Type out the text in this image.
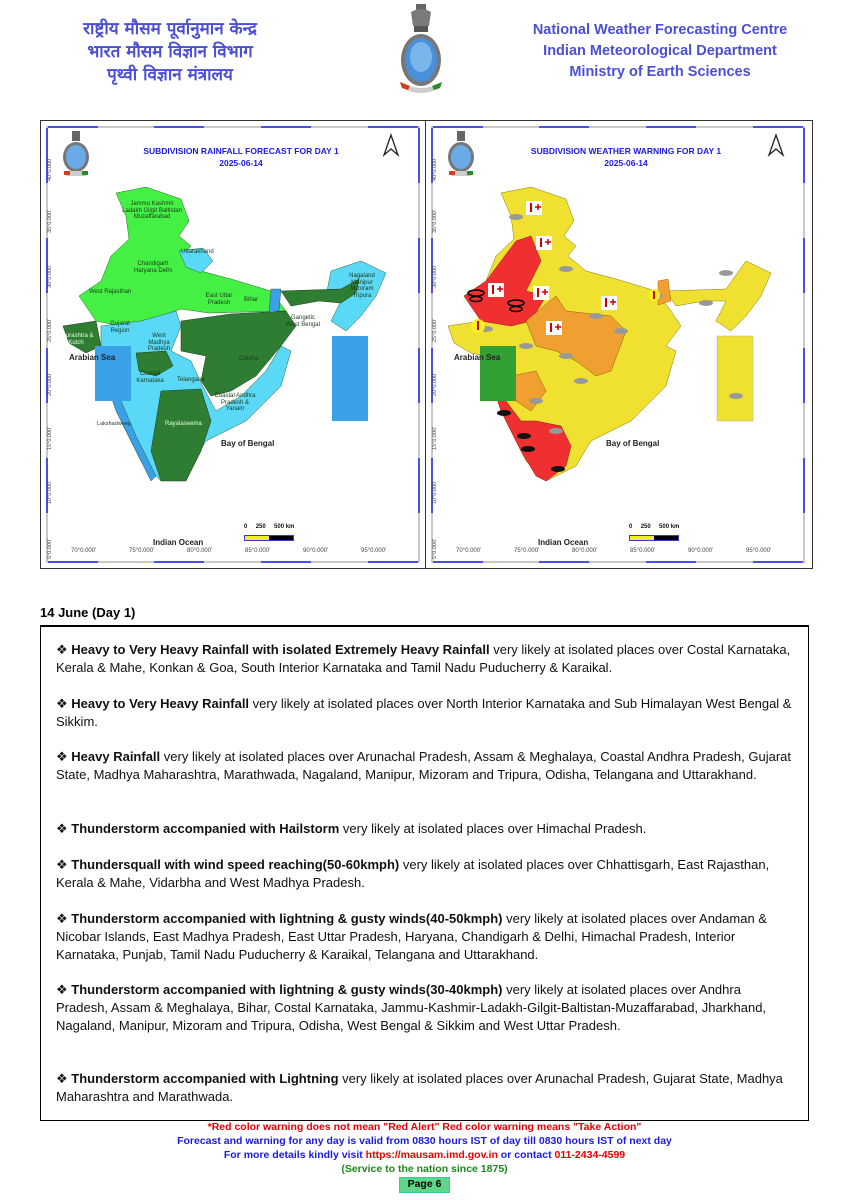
राष्ट्रीय मौसम पूर्वानुमान केन्द्र
भारत मौसम विज्ञान विभाग
पृथ्वी विज्ञान मंत्रालय
National Weather Forecasting Centre
Indian Meteorological Department
Ministry of Earth Sciences
SUBDIVISION RAINFALL FORECAST FOR DAY 1
2025-06-14
Jammu Kashmir Ladakh Gilgit Baltistan Muzaffarabad
Uttarakhand
Chandigarh Haryana Delhi
West Rajasthan
East Uttar Pradesh	Bihar
Nagaland Manipur Mizoram Tripura
Saurashtra & Kutch
Gujarat Region
West Madhya Pradesh
Gangetic West Bengal
Odisha
Telangana
Coastal Andhra Pradesh & Yanam
Rayalaseema
Coastal Karnataka
Lakshadweep
Arabian Sea
Bay of Bengal
Indian Ocean
0 250 500 km
40°0.000'
35°0.000'
30°0.000'
25°0.000'
20°0.000'
15°0.000'
10°0.000'
5°0.000'	70°0.000'	75°0.000'	80°0.000'	85°0.000'	90°0.000'	95°0.000'
SUBDIVISION WEATHER WARNING FOR DAY 1
2025-06-14
Arabian Sea
Bay of Bengal
Indian Ocean
0 250 500 km
40°0.000'
35°0.000'
30°0.000'
25°0.000'
20°0.000'
15°0.000'
10°0.000'
5°0.000'	70°0.000'	75°0.000'	80°0.000'	85°0.000'	90°0.000'	95°0.000'
14 June (Day 1)
❖ Heavy to Very Heavy Rainfall with isolated Extremely Heavy Rainfall very likely at isolated places over Costal Karnataka, Kerala & Mahe, Konkan & Goa, South Interior Karnataka and Tamil Nadu Puducherry & Karaikal.
❖ Heavy to Very Heavy Rainfall very likely at isolated places over North Interior Karnataka and Sub Himalayan West Bengal & Sikkim.
❖ Heavy Rainfall very likely at isolated places over Arunachal Pradesh, Assam & Meghalaya, Coastal Andhra Pradesh, Gujarat State, Madhya Maharashtra, Marathwada, Nagaland, Manipur, Mizoram and Tripura, Odisha, Telangana and Uttarakhand.
❖ Thunderstorm accompanied with Hailstorm very likely at isolated places over Himachal Pradesh.
❖ Thundersquall with wind speed reaching(50-60kmph) very likely at isolated places over Chhattisgarh, East Rajasthan, Kerala & Mahe, Vidarbha and West Madhya Pradesh.
❖ Thunderstorm accompanied with lightning & gusty winds(40-50kmph) very likely at isolated places over Andaman & Nicobar Islands, East Madhya Pradesh, East Uttar Pradesh, Haryana, Chandigarh & Delhi, Himachal Pradesh, Interior Karnataka, Punjab, Tamil Nadu Puducherry & Karaikal, Telangana and Uttarakhand.
❖ Thunderstorm accompanied with lightning & gusty winds(30-40kmph) very likely at isolated places over Andhra Pradesh, Assam & Meghalaya, Bihar, Costal Karnataka, Jammu-Kashmir-Ladakh-Gilgit-Baltistan-Muzaffarabad, Jharkhand, Nagaland, Manipur, Mizoram and Tripura, Odisha, West Bengal & Sikkim and West Uttar Pradesh.
❖ Thunderstorm accompanied with Lightning very likely at isolated places over Arunachal Pradesh, Gujarat State, Madhya Maharashtra and Marathwada.
*Red color warning does not mean "Red Alert" Red color warning means "Take Action"
Forecast and warning for any day is valid from 0830 hours IST of day till 0830 hours IST of next day
For more details kindly visit https://mausam.imd.gov.in or contact 011-2434-4599
(Service to the nation since 1875)
Page 6
